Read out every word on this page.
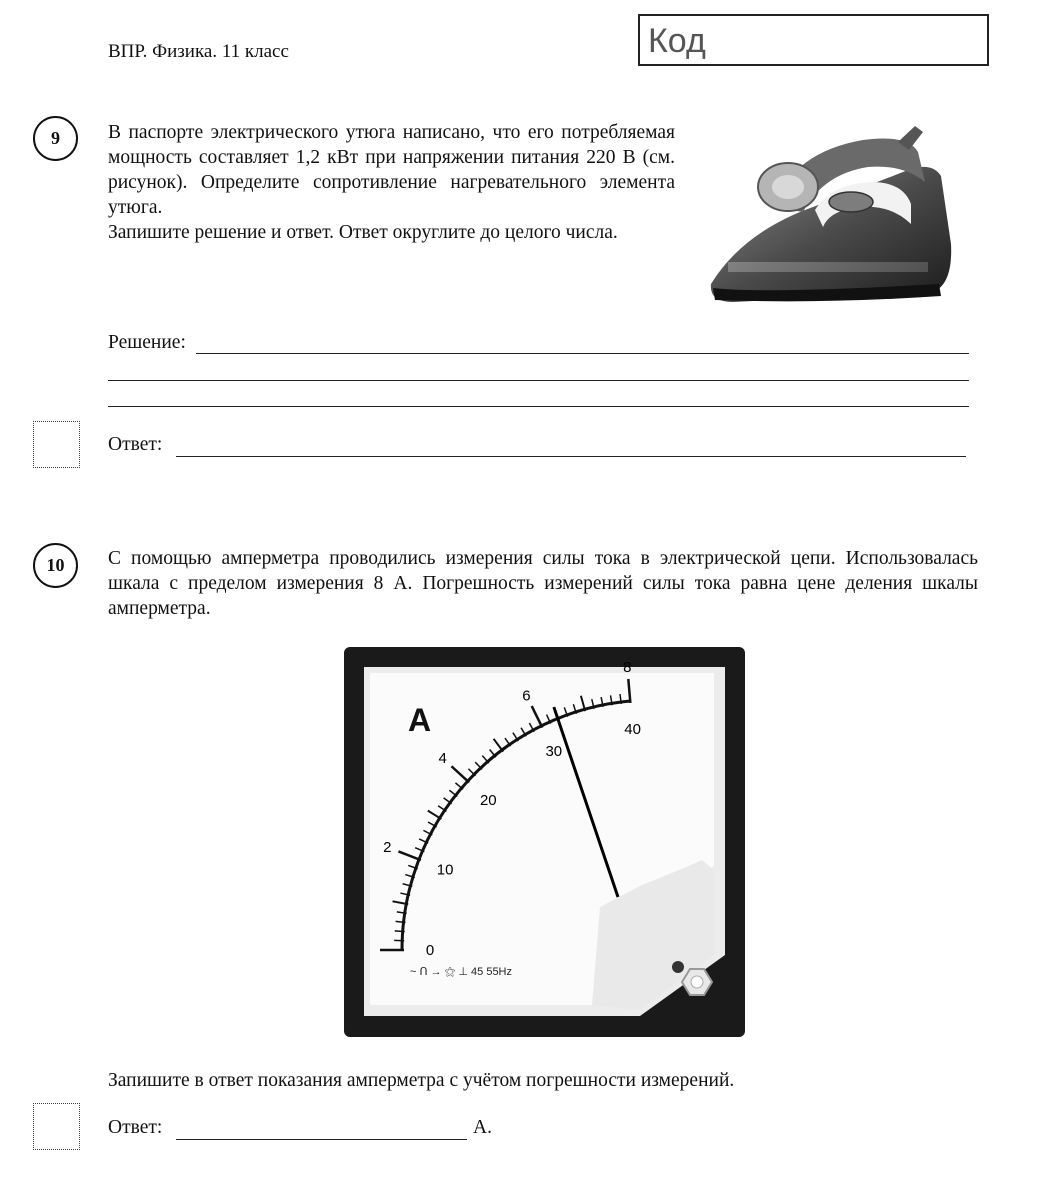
ВПР. Физика. 11 класс	Код
9	В паспорте электрического утюга написано, что его потребляемая мощность составляет 1,2 кВт при напряжении питания 220 В (см. рисунок). Определите сопротивление нагревательного элемента утюга.
Запишите решение и ответ. Ответ округлите до целого числа.
Решение:
Ответ:
10	С помощью амперметра проводились измерения силы тока в электрической цепи. Использовалась шкала с пределом измерения 8 А. Погрешность измерений силы тока равна цене деления шкалы амперметра.
0
10
20
30
40
2
4
6
8
A
~ Ո → ⚝ ⊥ 45 55Hz
Запишите в ответ показания амперметра с учётом погрешности измерений.
Ответ:	А.
